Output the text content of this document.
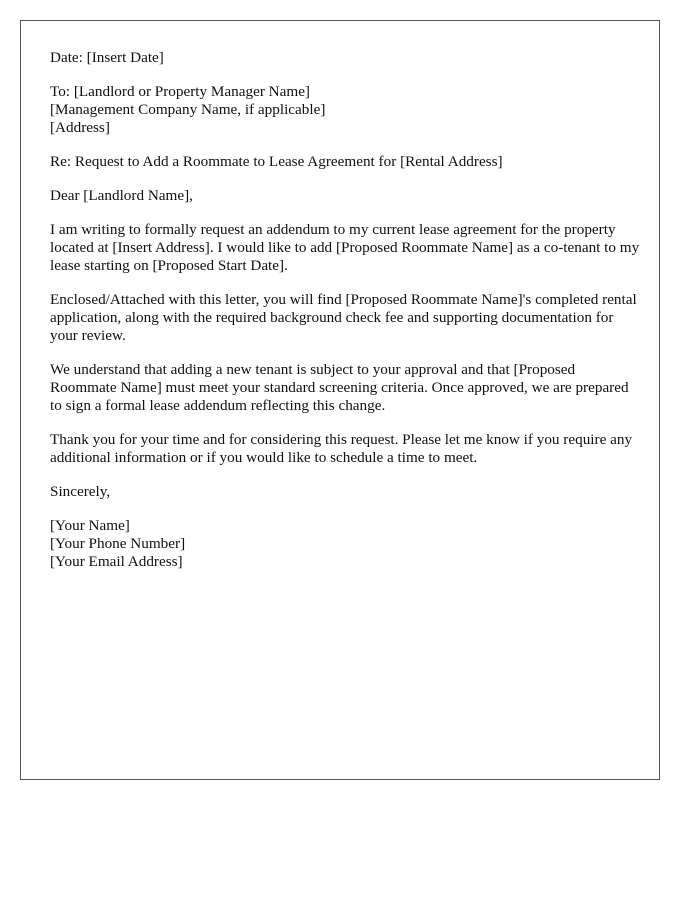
Date: [Insert Date]
To: [Landlord or Property Manager Name]
[Management Company Name, if applicable]
[Address]
Re: Request to Add a Roommate to Lease Agreement for [Rental Address]
Dear [Landlord Name],

I am writing to formally request an addendum to my current lease agreement for the property located at [Insert Address]. I would like to add [Proposed Roommate Name] as a co-tenant to my lease starting on [Proposed Start Date].

Enclosed/Attached with this letter, you will find [Proposed Roommate Name]'s completed rental application, along with the required background check fee and supporting documentation for your review.

We understand that adding a new tenant is subject to your approval and that [Proposed Roommate Name] must meet your standard screening criteria. Once approved, we are prepared to sign a formal lease addendum reflecting this change.

Thank you for your time and for considering this request. Please let me know if you require any additional information or if you would like to schedule a time to meet.

Sincerely,
[Your Name]
[Your Phone Number]
[Your Email Address]
